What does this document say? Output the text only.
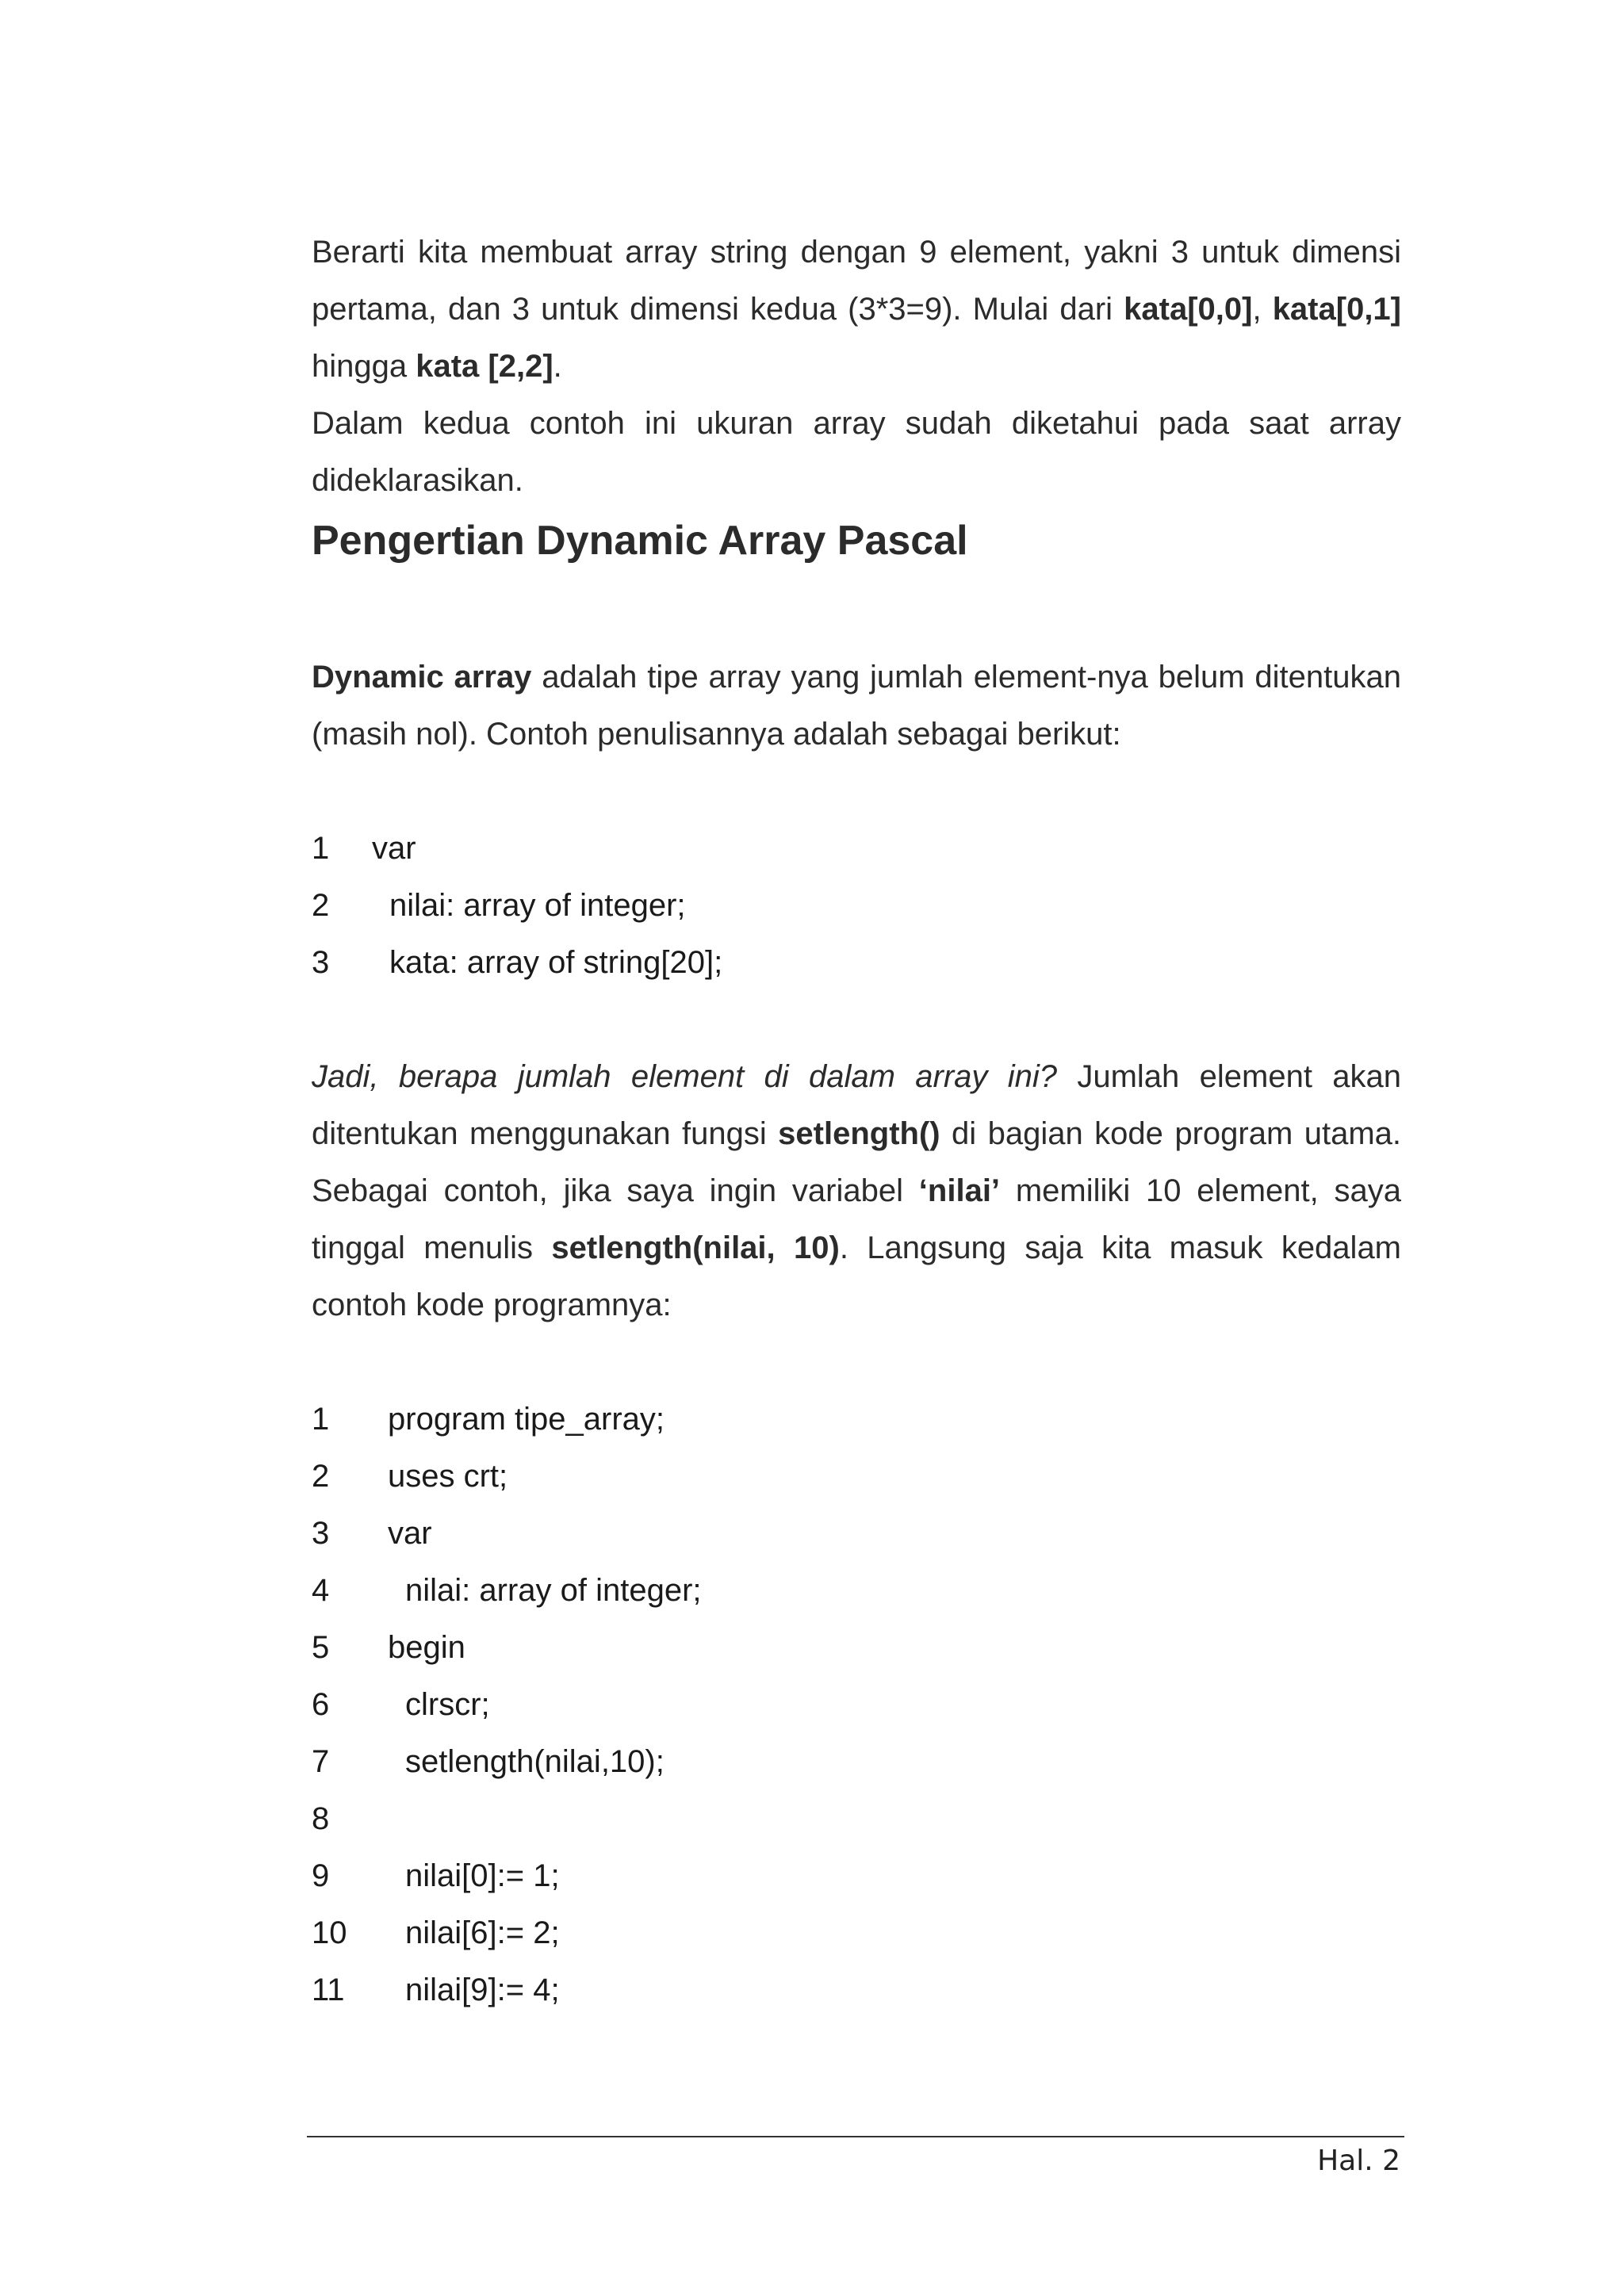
Berarti kita membuat array string dengan 9 element, yakni 3 untuk dimensi pertama, dan 3 untuk dimensi kedua (3*3=9). Mulai dari kata[0,0], kata[0,1] hingga kata [2,2].

Dalam kedua contoh ini ukuran array sudah diketahui pada saat array dideklarasikan.

Pengertian Dynamic Array Pascal

Dynamic array adalah tipe array yang jumlah element-nya belum ditentukan (masih nol). Contoh penulisannya adalah sebagai berikut:

1 var
2 nilai: array of integer;
3 kata: array of string[20];

Jadi, berapa jumlah element di dalam array ini? Jumlah element akan ditentukan menggunakan fungsi setlength() di bagian kode program utama. Sebagai contoh, jika saya ingin variabel ‘nilai’ memiliki 10 element, saya tinggal menulis setlength(nilai, 10). Langsung saja kita masuk kedalam contoh kode programnya:

1 program tipe_array;
2 uses crt;
3 var
4 nilai: array of integer;
5 begin
6 clrscr;
7 setlength(nilai,10);
8
9 nilai[0]:= 1;
10 nilai[6]:= 2;
11 nilai[9]:= 4;
Hal. 2
